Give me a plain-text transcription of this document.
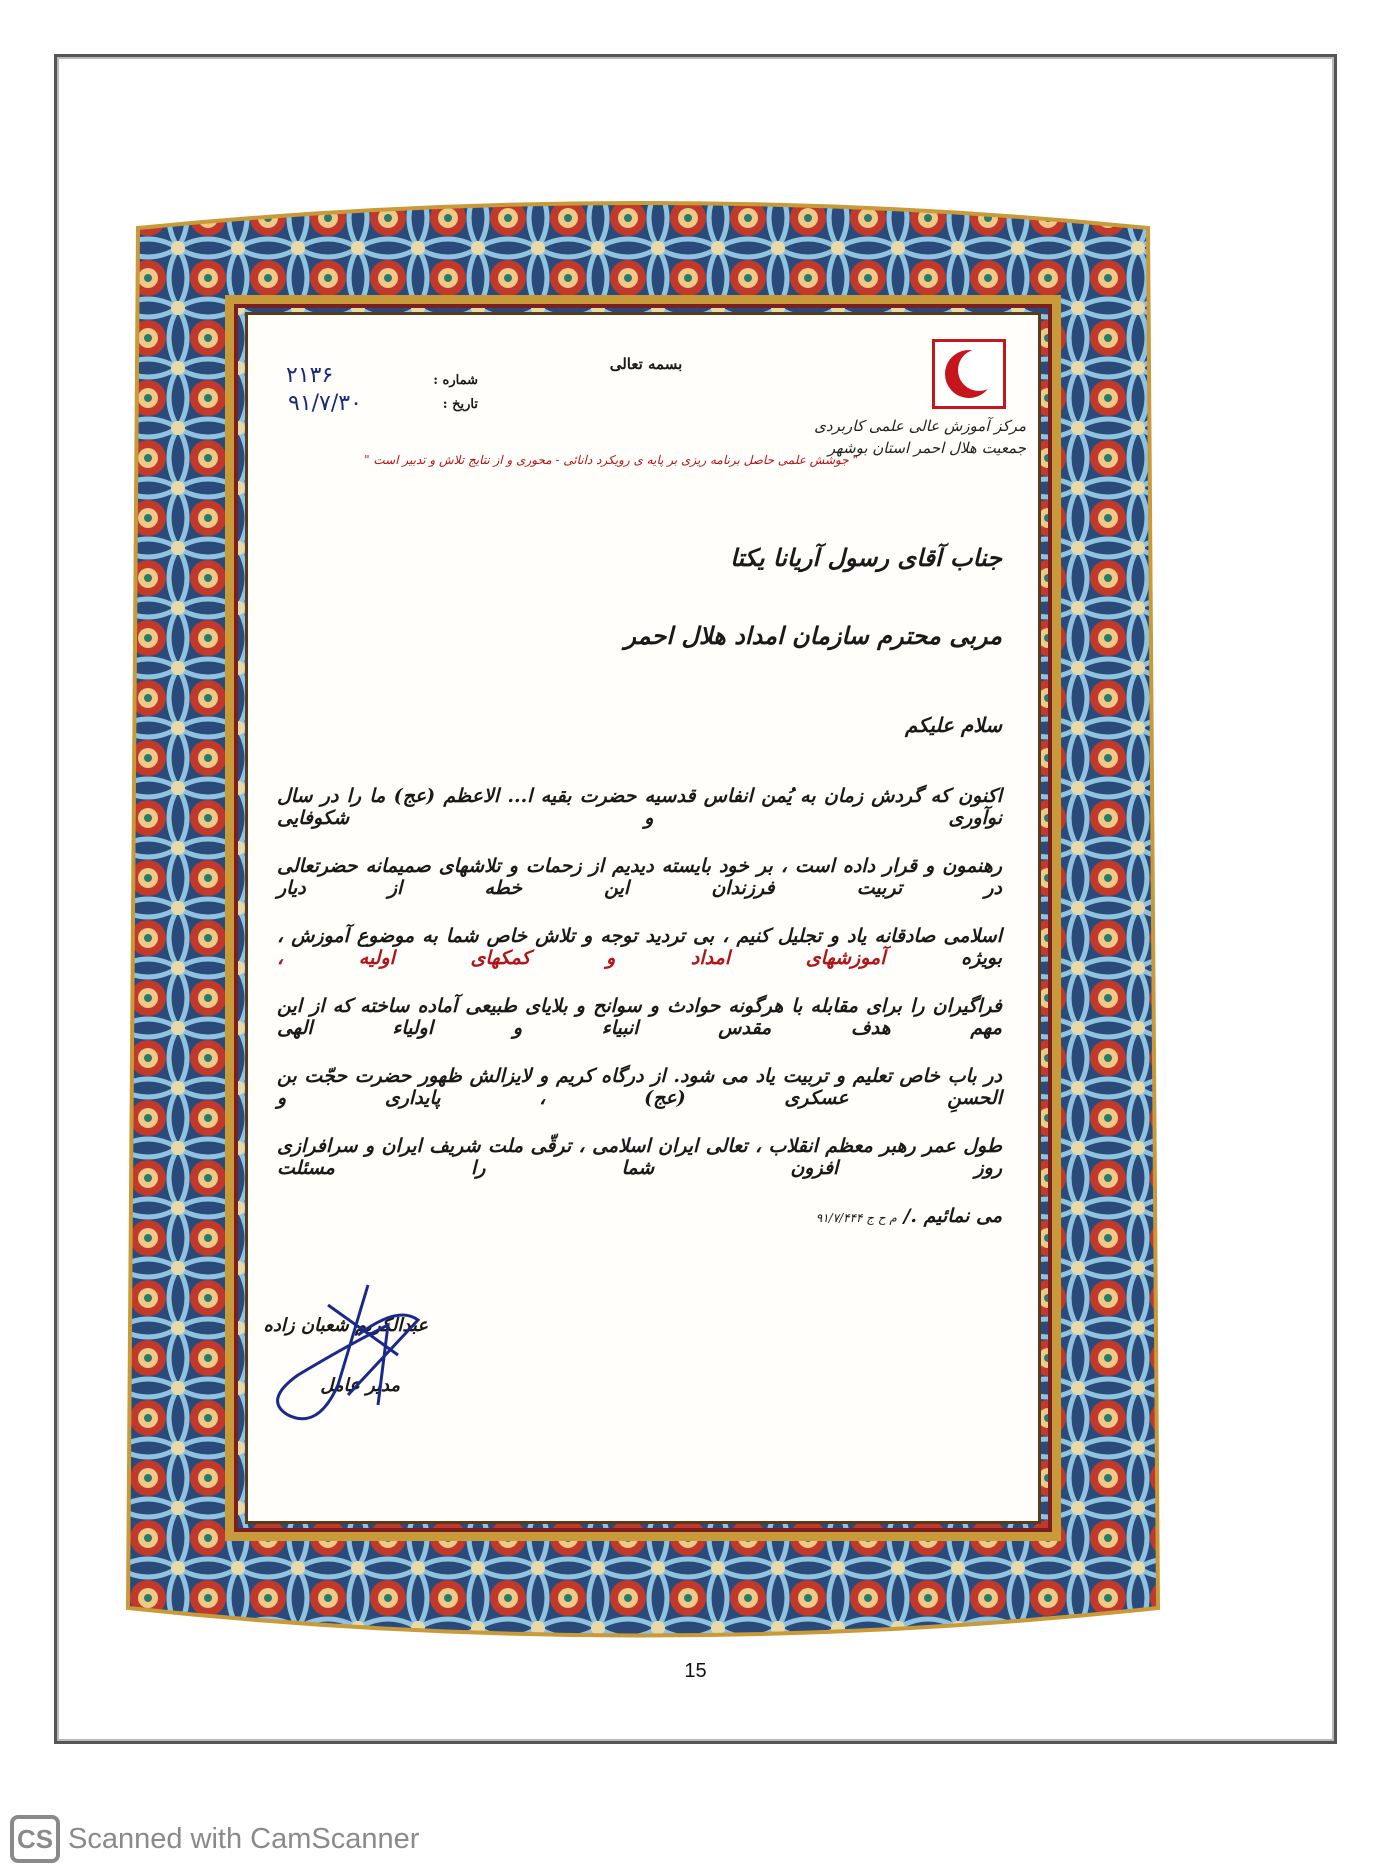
مرکز آموزش عالی علمی کاربردی
جمعیت هلال احمر استان بوشهر
بسمه تعالی
شماره :
۲۱۳۶
تاریخ :
۹۱/۷/۳۰
" جوشش علمی حاصل برنامه ریزی بر پایه ی رویکرد دانائی - محوری و از نتایج تلاش و تدبیر است "
جناب آقای رسول آریانا یکتا
مربی محترم سازمان امداد هلال احمر
سلام علیکم
اکنون که گردش زمان به یُمن انفاس قدسیه حضرت بقیه ا... الاعظم (عج) ما را در سال نوآوری و شکوفایی
رهنمون و قرار داده است ، بر خود بایسته دیدیم از زحمات و تلاشهای صمیمانه حضرتعالی در تربیت فرزندان این خطه از دیار
اسلامی صادقانه یاد و تجلیل کنیم ، بی تردید توجه و تلاش خاص شما به موضوع آموزش ، بویژه آموزشهای امداد و کمکهای اولیه ،
فراگیران را برای مقابله با هرگونه حوادث و سوانح و بلایای طبیعی آماده ساخته که از این مهم هدف مقدس انبیاء و اولیاء الهی
در باب خاص تعلیم و تربیت یاد می شود. از درگاه کریم و لایزالش ظهور حضرت حجّت بن الحسنِ عسکری (عج) ، پایداری و
طول عمر رهبر معظم انقلاب ، تعالی ایران اسلامی ، ترقّی ملت شریف ایران و سرافرازی روز افزون شما را مسئلت
می نمائیم ./ م ح ج ۹۱/۷/۴۴۴
عبدالکریم شعبان زاده
مدیر عامل
15
CS Scanned with CamScanner
